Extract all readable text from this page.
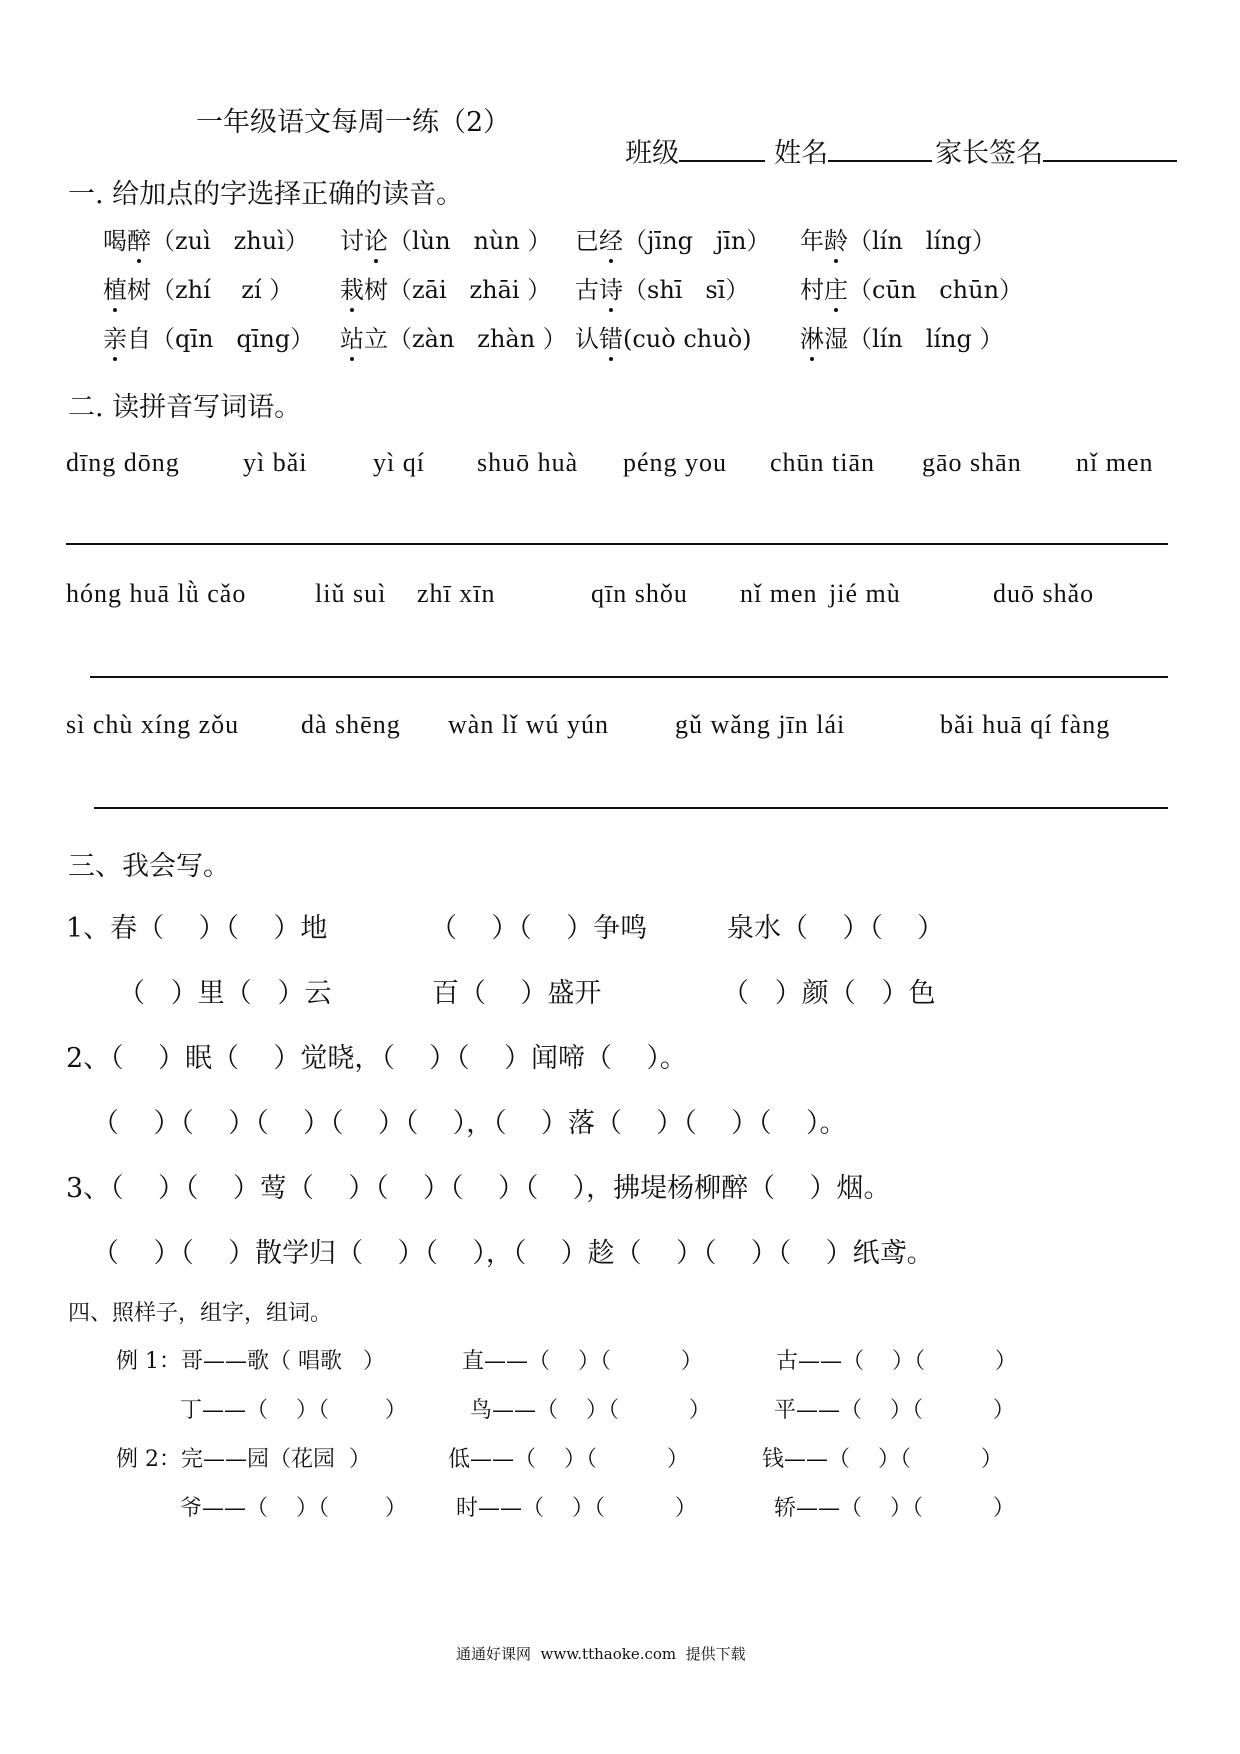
一年级语文每周一练（2）

班级	姓名	家长签名

一. 给加点的字选择正确的读音。
喝醉（zuì   zhuì） 讨论（lùn   nùn ） 已经（jīng   jīn） 年龄（lín   líng）
植树（zhí    zí ） 栽树（zāi   zhāi ） 古诗（shī   sī） 村庄（cūn   chūn）
亲自（qīn   qīng） 站立（zàn   zhàn ） 认错(cuò chuò) 淋湿（lín   líng ）
二. 读拼音写词语。
dīng dōng yì bǎi	yì qí shuō huà péng you chūn tiān gāo shān nǐ men
hóng huā lǜ cǎo	liǔ suì zhī xīn	qīn shǒu nǐ men jié mù	duō shǎo
sì chù xíng zǒu dà shēng wàn lǐ wú yún	gǔ wǎng jīn lái	bǎi huā qí fàng
三、我会写。
1、春（    ）（    ）地	（    ）（    ）争鸣	泉水（    ）（    ）
（   ）里（   ）云	百（    ）盛开	（   ）颜（   ）色
2、（    ）眠（    ）觉晓，（    ）（    ）闻啼（    ）。
（    ）（    ）（    ）（    ）（    ），（    ）落（    ）（    ）（    ）。
3、（    ）（    ）莺（    ）（    ）（    ）（    ），拂堤杨柳醉（    ）烟。
（    ）（    ）散学归（    ）（    ），（    ）趁（    ）（    ）（    ）纸鸢。
四、照样子，组字，组词。
例 1：哥——歌（ 唱歌   ）	直——（    ）（          ）	古——（    ）（          ）
丁——（    ）（        ）	鸟——（    ）（          ）	平——（    ）（          ）
例 2：完——园（花园  ）	低——（    ）（          ）	钱——（    ）（          ）
爷——（    ）（        ） 时——（    ）（          ）	轿——（    ）（          ）
通通好课网  www.tthaoke.com  提供下载
